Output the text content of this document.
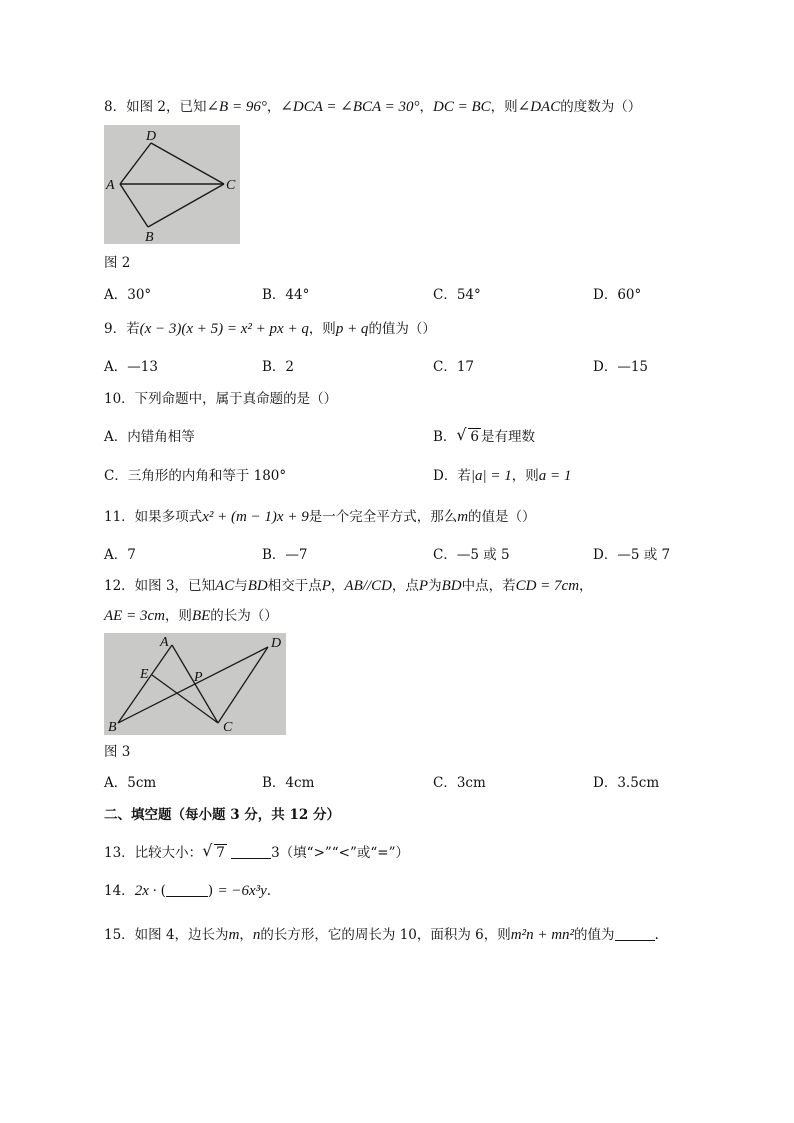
8．如图 2，已知∠B = 96°，∠DCA = ∠BCA = 30°，DC = BC，则∠DAC的度数为（）
D
A	C
B
图 2
A．30°	B．44°	C．54°	D．60°
9．若(x − 3)(x + 5) = x² + px + q，则p + q的值为（）
A．—13	B．2	C．17	D．—15
10．下列命题中，属于真命题的是（）
A．内错角相等	B． √ 6 是有理数
C．三角形的内角和等于 180°	D．若|a| = 1，则a = 1
11．如果多项式x² + (m − 1)x + 9是一个完全平方式，那么m的值是（）
A．7	B．—7	C．—5 或 5	D．—5 或 7
12．如图 3，已知AC与BD相交于点P，AB//CD，点P为BD中点，若CD = 7cm，
AE = 3cm，则BE的长为（）
A	D
E	P
B	C
图 3
A．5cm	B．4cm	C．3cm	D．3.5cm
二、填空题（每小题 3 分，共 12 分）
13．比较大小： √ 7	3（填“>”“<”或“=”）
14．2x · (	) = −6x³y.
15．如图 4，边长为m，n的长方形，它的周长为 10，面积为 6，则m²n + mn²的值为	.
